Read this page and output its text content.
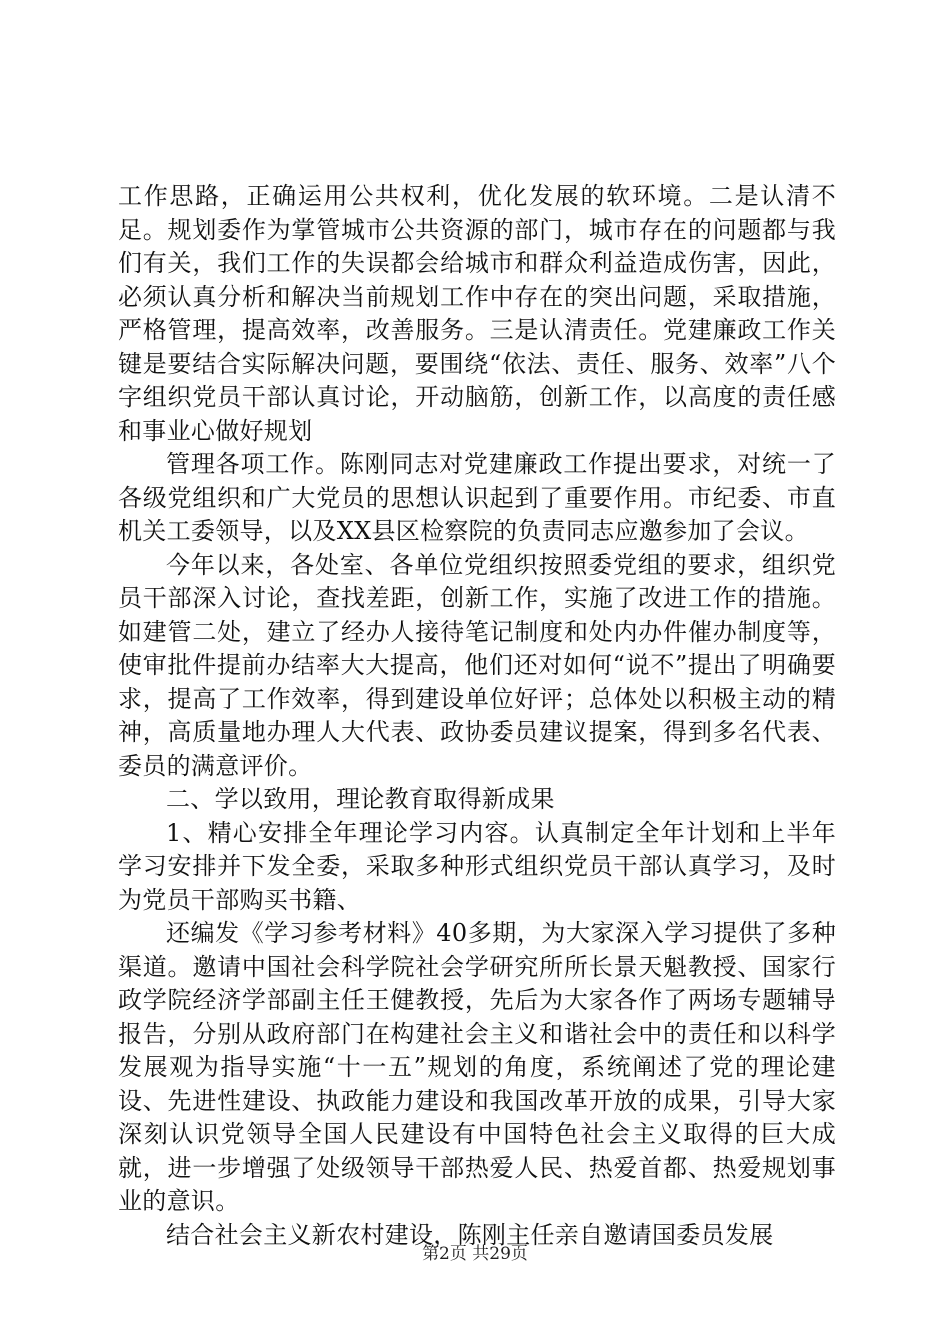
工作思路，正确运用公共权利，优化发展的软环境。二是认清不足。规划委作为掌管城市公共资源的部门，城市存在的问题都与我们有关，我们工作的失误都会给城市和群众利益造成伤害，因此，必须认真分析和解决当前规划工作中存在的突出问题，采取措施，严格管理，提高效率，改善服务。三是认清责任。党建廉政工作关键是要结合实际解决问题，要围绕“依法、责任、服务、效率”八个字组织党员干部认真讨论，开动脑筋，创新工作，以高度的责任感和事业心做好规划

管理各项工作。陈刚同志对党建廉政工作提出要求，对统一了各级党组织和广大党员的思想认识起到了重要作用。市纪委、市直机关工委领导，以及XX县区检察院的负责同志应邀参加了会议。

今年以来，各处室、各单位党组织按照委党组的要求，组织党员干部深入讨论，查找差距，创新工作，实施了改进工作的措施。如建管二处，建立了经办人接待笔记制度和处内办件催办制度等，使审批件提前办结率大大提高，他们还对如何“说不”提出了明确要求，提高了工作效率，得到建设单位好评；总体处以积极主动的精神，高质量地办理人大代表、政协委员建议提案，得到多名代表、委员的满意评价。

二、学以致用，理论教育取得新成果

1、精心安排全年理论学习内容。认真制定全年计划和上半年学习安排并下发全委，采取多种形式组织党员干部认真学习，及时为党员干部购买书籍、

还编发《学习参考材料》40多期，为大家深入学习提供了多种渠道。邀请中国社会科学院社会学研究所所长景天魁教授、国家行政学院经济学部副主任王健教授，先后为大家各作了两场专题辅导报告，分别从政府部门在构建社会主义和谐社会中的责任和以科学发展观为指导实施“十一五”规划的角度，系统阐述了党的理论建设、先进性建设、执政能力建设和我国改革开放的成果，引导大家深刻认识党领导全国人民建设有中国特色社会主义取得的巨大成就，进一步增强了处级领导干部热爱人民、热爱首都、热爱规划事业的意识。

结合社会主义新农村建设，陈刚主任亲自邀请国委员发展

第2页 共29页
